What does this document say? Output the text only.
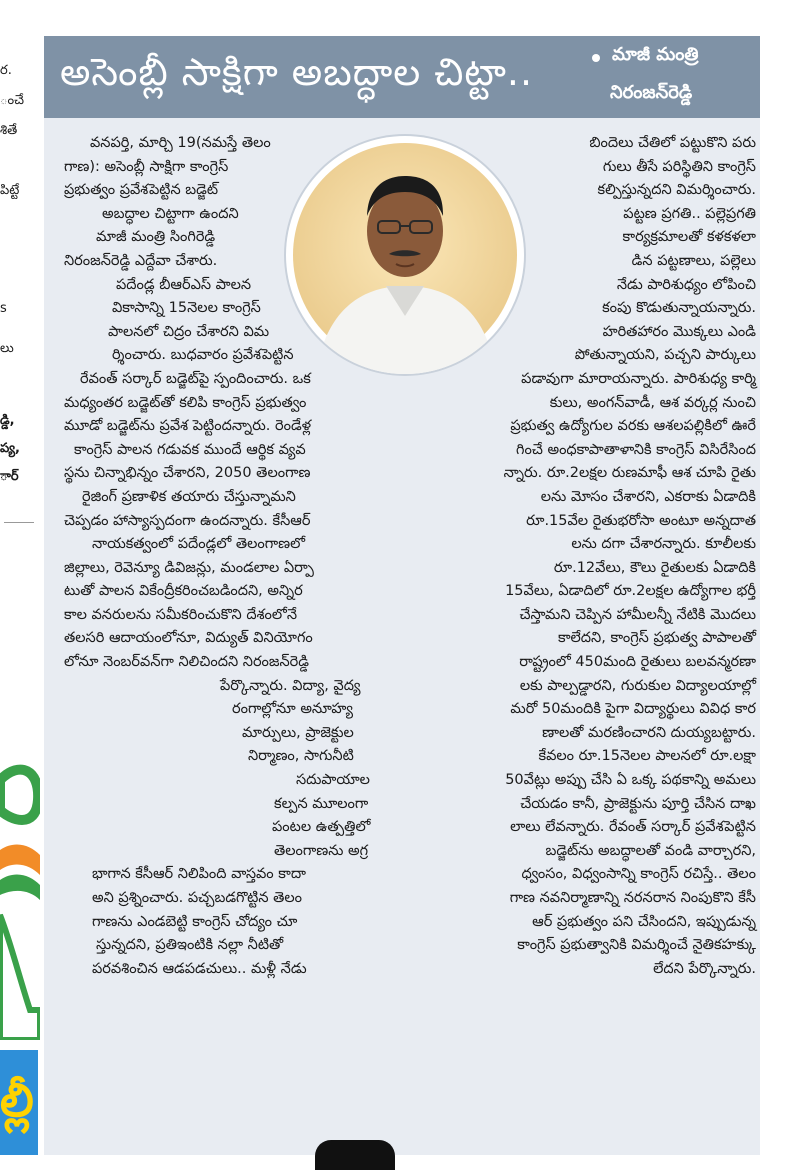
ర.
ంచే
శితే
పిట్టే
s
లు
డ్డి,
ప్య,
ార్
ల్లీ
అసెంబ్లీ సాక్షిగా అబద్ధాల చిట్టా..	మాజీ మంత్రి
నిరంజన్‌రెడ్డి
వనపర్తి, మార్చి 19(నమస్తే తెలం
గాణ): అసెంబ్లీ సాక్షిగా కాంగ్రెస్
ప్రభుత్వం ప్రవేశపెట్టిన బడ్జెట్
అబద్ధాల చిట్టాగా ఉందని
మాజీ మంత్రి సింగిరెడ్డి
నిరంజన్‌రెడ్డి ఎద్దేవా చేశారు.
పదేండ్ల బీఆర్‌ఎస్ పాలన
వికాసాన్ని 15నెలల కాంగ్రెస్
పాలనలో చిద్రం చేశారని విమ
ర్శించారు. బుధవారం ప్రవేశపెట్టిన
రేవంత్ సర్కార్ బడ్జెట్‌పై స్పందించారు. ఒక
మధ్యంతర బడ్జెట్‌తో కలిపి కాంగ్రెస్ ప్రభుత్వం
మూడో బడ్జెట్‌ను ప్రవేశ పెట్టిందన్నారు. రెండేళ్ల
కాంగ్రెస్ పాలన గడువక ముందే ఆర్థిక వ్యవ
స్థను చిన్నాభిన్నం చేశారని, 2050 తెలంగాణ
రైజింగ్ ప్రణాళిక తయారు చేస్తున్నామని
చెప్పడం హాస్యాస్పదంగా ఉందన్నారు. కేసీఆర్
నాయకత్వంలో పదేండ్లలో తెలంగాణలో
జిల్లాలు, రెవెన్యూ డివిజన్లు, మండలాల ఏర్పా
టుతో పాలన వికేంద్రీకరించబడిందని, అన్నిర
కాల వనరులను సమీకరించుకొని దేశంలోనే
తలసరి ఆదాయంలోనూ, విద్యుత్ వినియోగం
లోనూ నెంబర్‌వన్‌గా నిలిచిందని నిరంజన్‌రెడ్డి
పేర్కొన్నారు. విద్యా, వైద్య
రంగాల్లోనూ అనూహ్య
మార్పులు, ప్రాజెక్టుల
నిర్మాణం, సాగునీటి
సదుపాయాల
కల్పన మూలంగా
పంటల ఉత్పత్తిలో
తెలంగాణను అగ్ర
భాగాన కేసీఆర్ నిలిపింది వాస్తవం కాదా
అని ప్రశ్నించారు. పచ్చబడగొట్టిన తెలం
గాణను ఎండబెట్టి కాంగ్రెస్ చోద్యం చూ
స్తున్నదని, ప్రతిఇంటికి నల్లా నీటితో
పరవశించిన ఆడపడచులు.. మళ్లీ నేడు
బిందెలు చేతిలో పట్టుకొని పరు
గులు తీసే పరిస్థితిని కాంగ్రెస్
కల్పిస్తున్నదని విమర్శించారు.
పట్టణ ప్రగతి.. పల్లెప్రగతి
కార్యక్రమాలతో కళకళలా
డిన పట్టణాలు, పల్లెలు
నేడు పారిశుధ్యం లోపించి
కంపు కొడుతున్నాయన్నారు.
హరితహారం మొక్కలు ఎండి
పోతున్నాయని, పచ్చని పార్కులు
పడావుగా మారాయన్నారు. పారిశుధ్య కార్మి
కులు, అంగన్‌వాడీ, ఆశ వర్కర్ల నుంచి
ప్రభుత్వ ఉద్యోగుల వరకు ఆశలపల్లికిలో ఊరే
గించే అంధకాపాతాళానికి కాంగ్రెస్ విసిరేసింద
న్నారు. రూ.2లక్షల రుణమాఫీ ఆశ చూపి రైతు
లను మోసం చేశారని, ఎకరాకు ఏడాదికి
రూ.15వేల రైతుభరోసా అంటూ అన్నదాత
లను దగా చేశారన్నారు. కూలీలకు
రూ.12వేలు, కౌలు రైతులకు ఏడాదికి
15వేలు, ఏడాదిలో రూ.2లక్షల ఉద్యోగాల భర్తీ
చేస్తామని చెప్పిన హామీలన్నీ నేటికి మొదలు
కాలేదని, కాంగ్రెస్ ప్రభుత్వ పాపాలతో
రాష్ట్రంలో 450మంది రైతులు బలవన్మరణా
లకు పాల్పడ్డారని, గురుకుల విద్యాలయాల్లో
మరో 50మందికి పైగా విద్యార్థులు వివిధ కార
ణాలతో మరణించారని దుయ్యబట్టారు.
కేవలం రూ.15నెలల పాలనలో రూ.లక్షా
50వేట్లు అప్పు చేసి ఏ ఒక్క పథకాన్ని అమలు
చేయడం కానీ, ప్రాజెక్టును పూర్తి చేసిన దాఖ
లాలు లేవన్నారు. రేవంత్ సర్కార్ ప్రవేశపెట్టిన
బడ్జెట్‌ను అబద్ధాలతో వండి వార్చారని,
ధ్వంసం, విధ్వంసాన్ని కాంగ్రెస్ రచిస్తే.. తెలం
గాణ నవనిర్మాణాన్ని నరనరాన నింపుకొని కేసీ
ఆర్ ప్రభుత్వం పని చేసిందని, ఇప్పుడున్న
కాంగ్రెస్ ప్రభుత్వానికి విమర్శించే నైతికహక్కు
లేదని పేర్కొన్నారు.
